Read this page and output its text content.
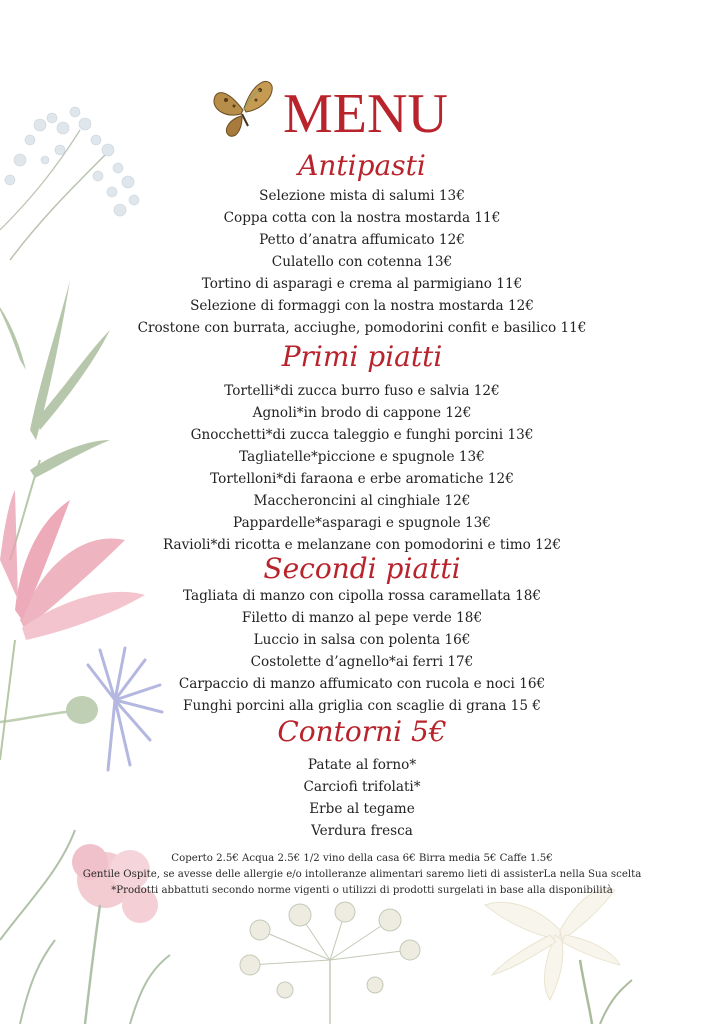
MENU
Antipasti
Selezione mista di salumi 13€
Coppa cotta con la nostra mostarda 11€
Petto d’anatra affumicato 12€
Culatello con cotenna 13€
Tortino di asparagi e crema al parmigiano 11€
Selezione di formaggi con la nostra mostarda 12€
Crostone con burrata, acciughe, pomodorini confit e basilico 11€
Primi piatti
Tortelli*di zucca burro fuso e salvia 12€
Agnoli*in brodo di cappone 12€
Gnocchetti*di zucca taleggio e funghi porcini 13€
Tagliatelle*piccione e spugnole 13€
Tortelloni*di faraona e erbe aromatiche 12€
Maccheroncini al cinghiale 12€
Pappardelle*asparagi e spugnole 13€
Ravioli*di ricotta e melanzane con pomodorini e timo 12€
Secondi piatti
Tagliata di manzo con cipolla rossa caramellata 18€
Filetto di manzo al pepe verde 18€
Luccio in salsa con polenta 16€
Costolette d’agnello*ai ferri 17€
Carpaccio di manzo affumicato con rucola e noci 16€
Funghi porcini alla griglia con scaglie di grana 15 €
Contorni 5€
Patate al forno*
Carciofi trifolati*
Erbe al tegame
Verdura fresca
Coperto 2.5€ Acqua 2.5€ 1/2 vino della casa 6€ Birra media 5€ Caffe 1.5€
Gentile Ospite, se avesse delle allergie e/o intolleranze alimentari saremo lieti di assisterLa nella Sua scelta
*Prodotti abbattuti secondo norme vigenti o utilizzi di prodotti surgelati in base alla disponibilità
